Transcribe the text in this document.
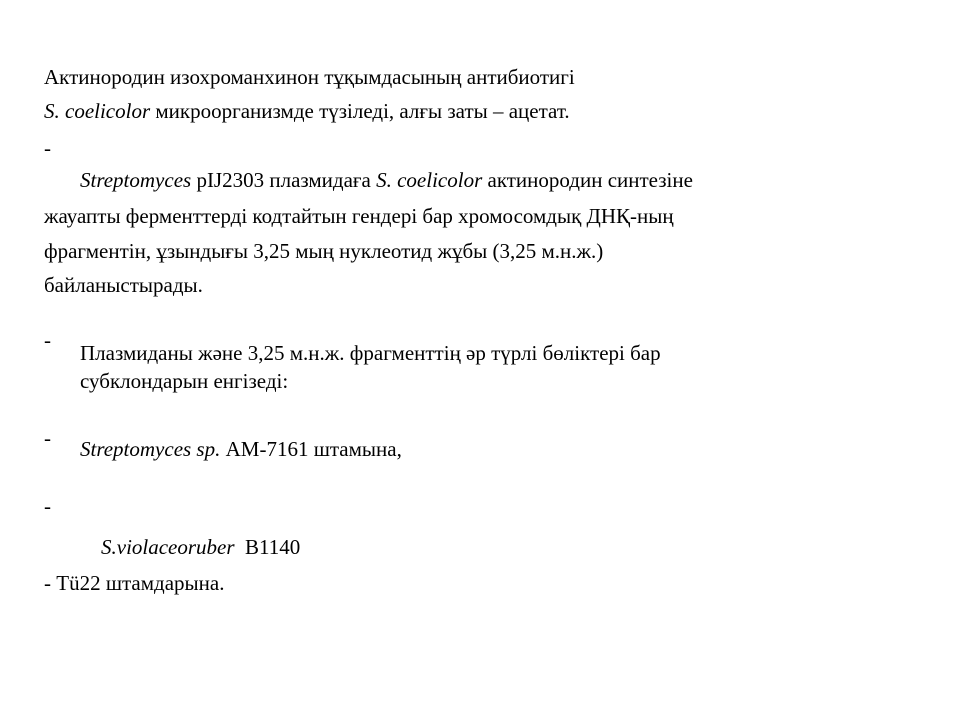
Актинородин изохроманхинон тұқымдасының антибиотигі
S. coelicolor микроорганизмде түзіледі, алғы заты – ацетат.
-
Streptomyces pIJ2303 плазмидаға S. coelicolor актинородин синтезіне
жауапты ферменттерді кодтайтын гендері бар хромосомдық ДНҚ-ның
фрагментін, ұзындығы 3,25 мың нуклеотид жұбы (3,25 м.н.ж.)
байланыстырады.
-
Плазмиданы және 3,25 м.н.ж. фрагменттің әр түрлі бөліктері бар
субклондарын енгізеді:
- Streptomyces sp. АМ-7161 штамына,
-

S.violaceoruber  В1140

- Тü22 штамдарына.
